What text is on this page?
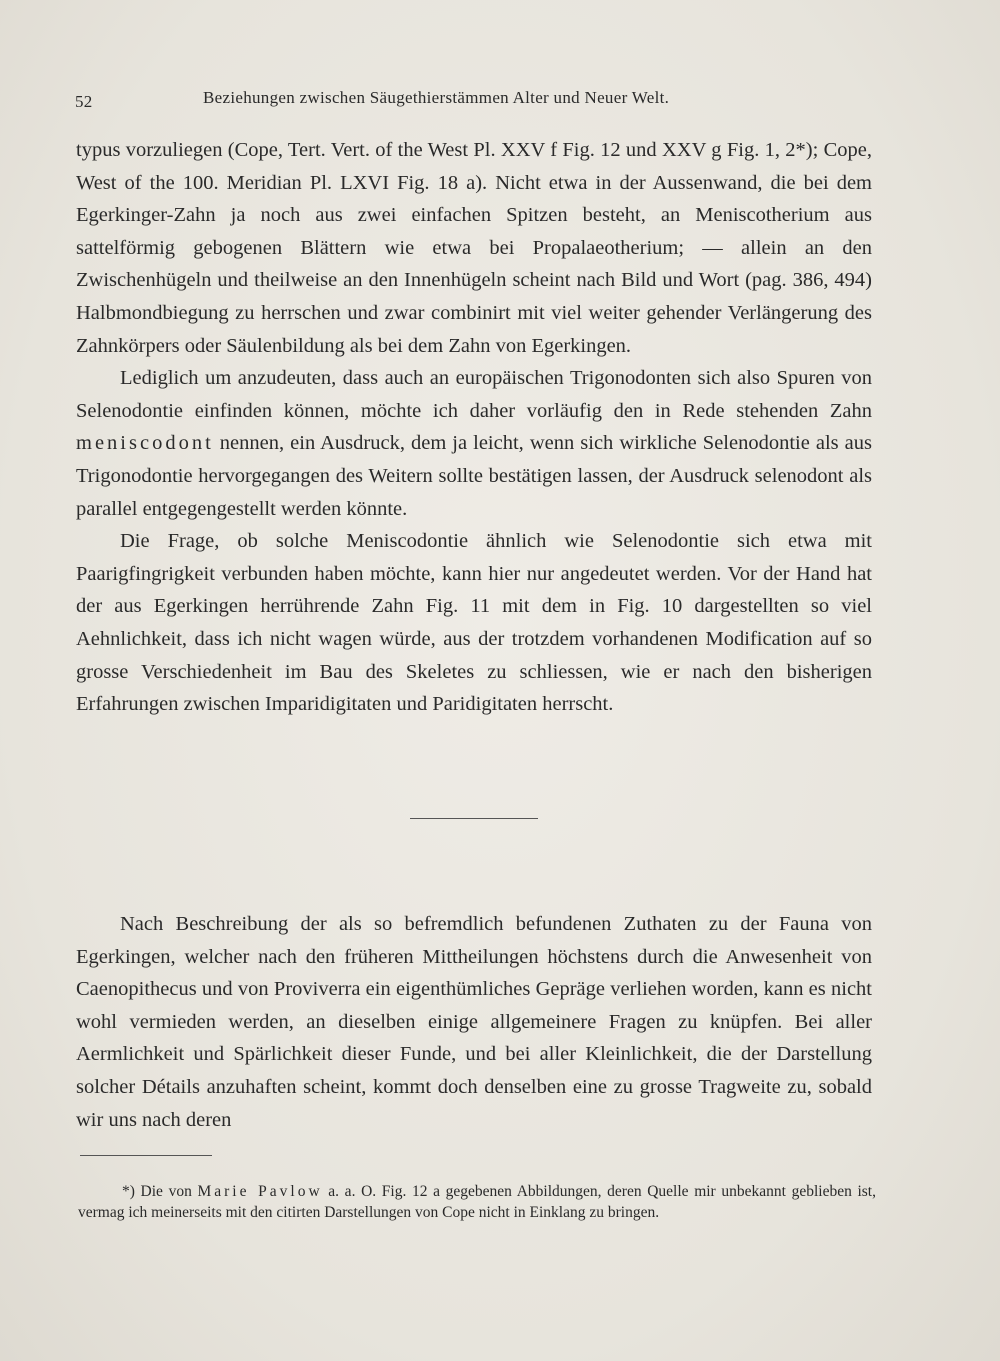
52	Beziehungen zwischen Säugethierstämmen Alter und Neuer Welt.

typus vorzuliegen (Cope, Tert. Vert. of the West Pl. XXV f Fig. 12 und XXV g Fig. 1, 2*); Cope, West of the 100. Meridian Pl. LXVI Fig. 18 a). Nicht etwa in der Aussenwand, die bei dem Egerkinger-Zahn ja noch aus zwei einfachen Spitzen besteht, an Meniscotherium aus sattelförmig gebogenen Blättern wie etwa bei Propalaeotherium; — allein an den Zwischenhügeln und theilweise an den Innenhügeln scheint nach Bild und Wort (pag. 386, 494) Halbmondbiegung zu herrschen und zwar combinirt mit viel weiter gehender Verlängerung des Zahnkörpers oder Säulenbildung als bei dem Zahn von Egerkingen.

Lediglich um anzudeuten, dass auch an europäischen Trigonodonten sich also Spuren von Selenodontie einfinden können, möchte ich daher vorläufig den in Rede stehenden Zahn meniscodont nennen, ein Ausdruck, dem ja leicht, wenn sich wirkliche Selenodontie als aus Trigonodontie hervorgegangen des Weitern sollte bestätigen lassen, der Ausdruck selenodont als parallel entgegengestellt werden könnte.

Die Frage, ob solche Meniscodontie ähnlich wie Selenodontie sich etwa mit Paarigfingrigkeit verbunden haben möchte, kann hier nur angedeutet werden. Vor der Hand hat der aus Egerkingen herrührende Zahn Fig. 11 mit dem in Fig. 10 dargestellten so viel Aehnlichkeit, dass ich nicht wagen würde, aus der trotzdem vorhandenen Modification auf so grosse Verschiedenheit im Bau des Skeletes zu schliessen, wie er nach den bisherigen Erfahrungen zwischen Imparidigitaten und Paridigitaten herrscht.

Nach Beschreibung der als so befremdlich befundenen Zuthaten zu der Fauna von Egerkingen, welcher nach den früheren Mittheilungen höchstens durch die Anwesenheit von Caenopithecus und von Proviverra ein eigenthümliches Gepräge verliehen worden, kann es nicht wohl vermieden werden, an dieselben einige allgemeinere Fragen zu knüpfen. Bei aller Aermlichkeit und Spärlichkeit dieser Funde, und bei aller Kleinlichkeit, die der Darstellung solcher Détails anzuhaften scheint, kommt doch denselben eine zu grosse Tragweite zu, sobald wir uns nach deren

*) Die von Marie Pavlow a. a. O. Fig. 12 a gegebenen Abbildungen, deren Quelle mir unbekannt geblieben ist, vermag ich meinerseits mit den citirten Darstellungen von Cope nicht in Einklang zu bringen.
